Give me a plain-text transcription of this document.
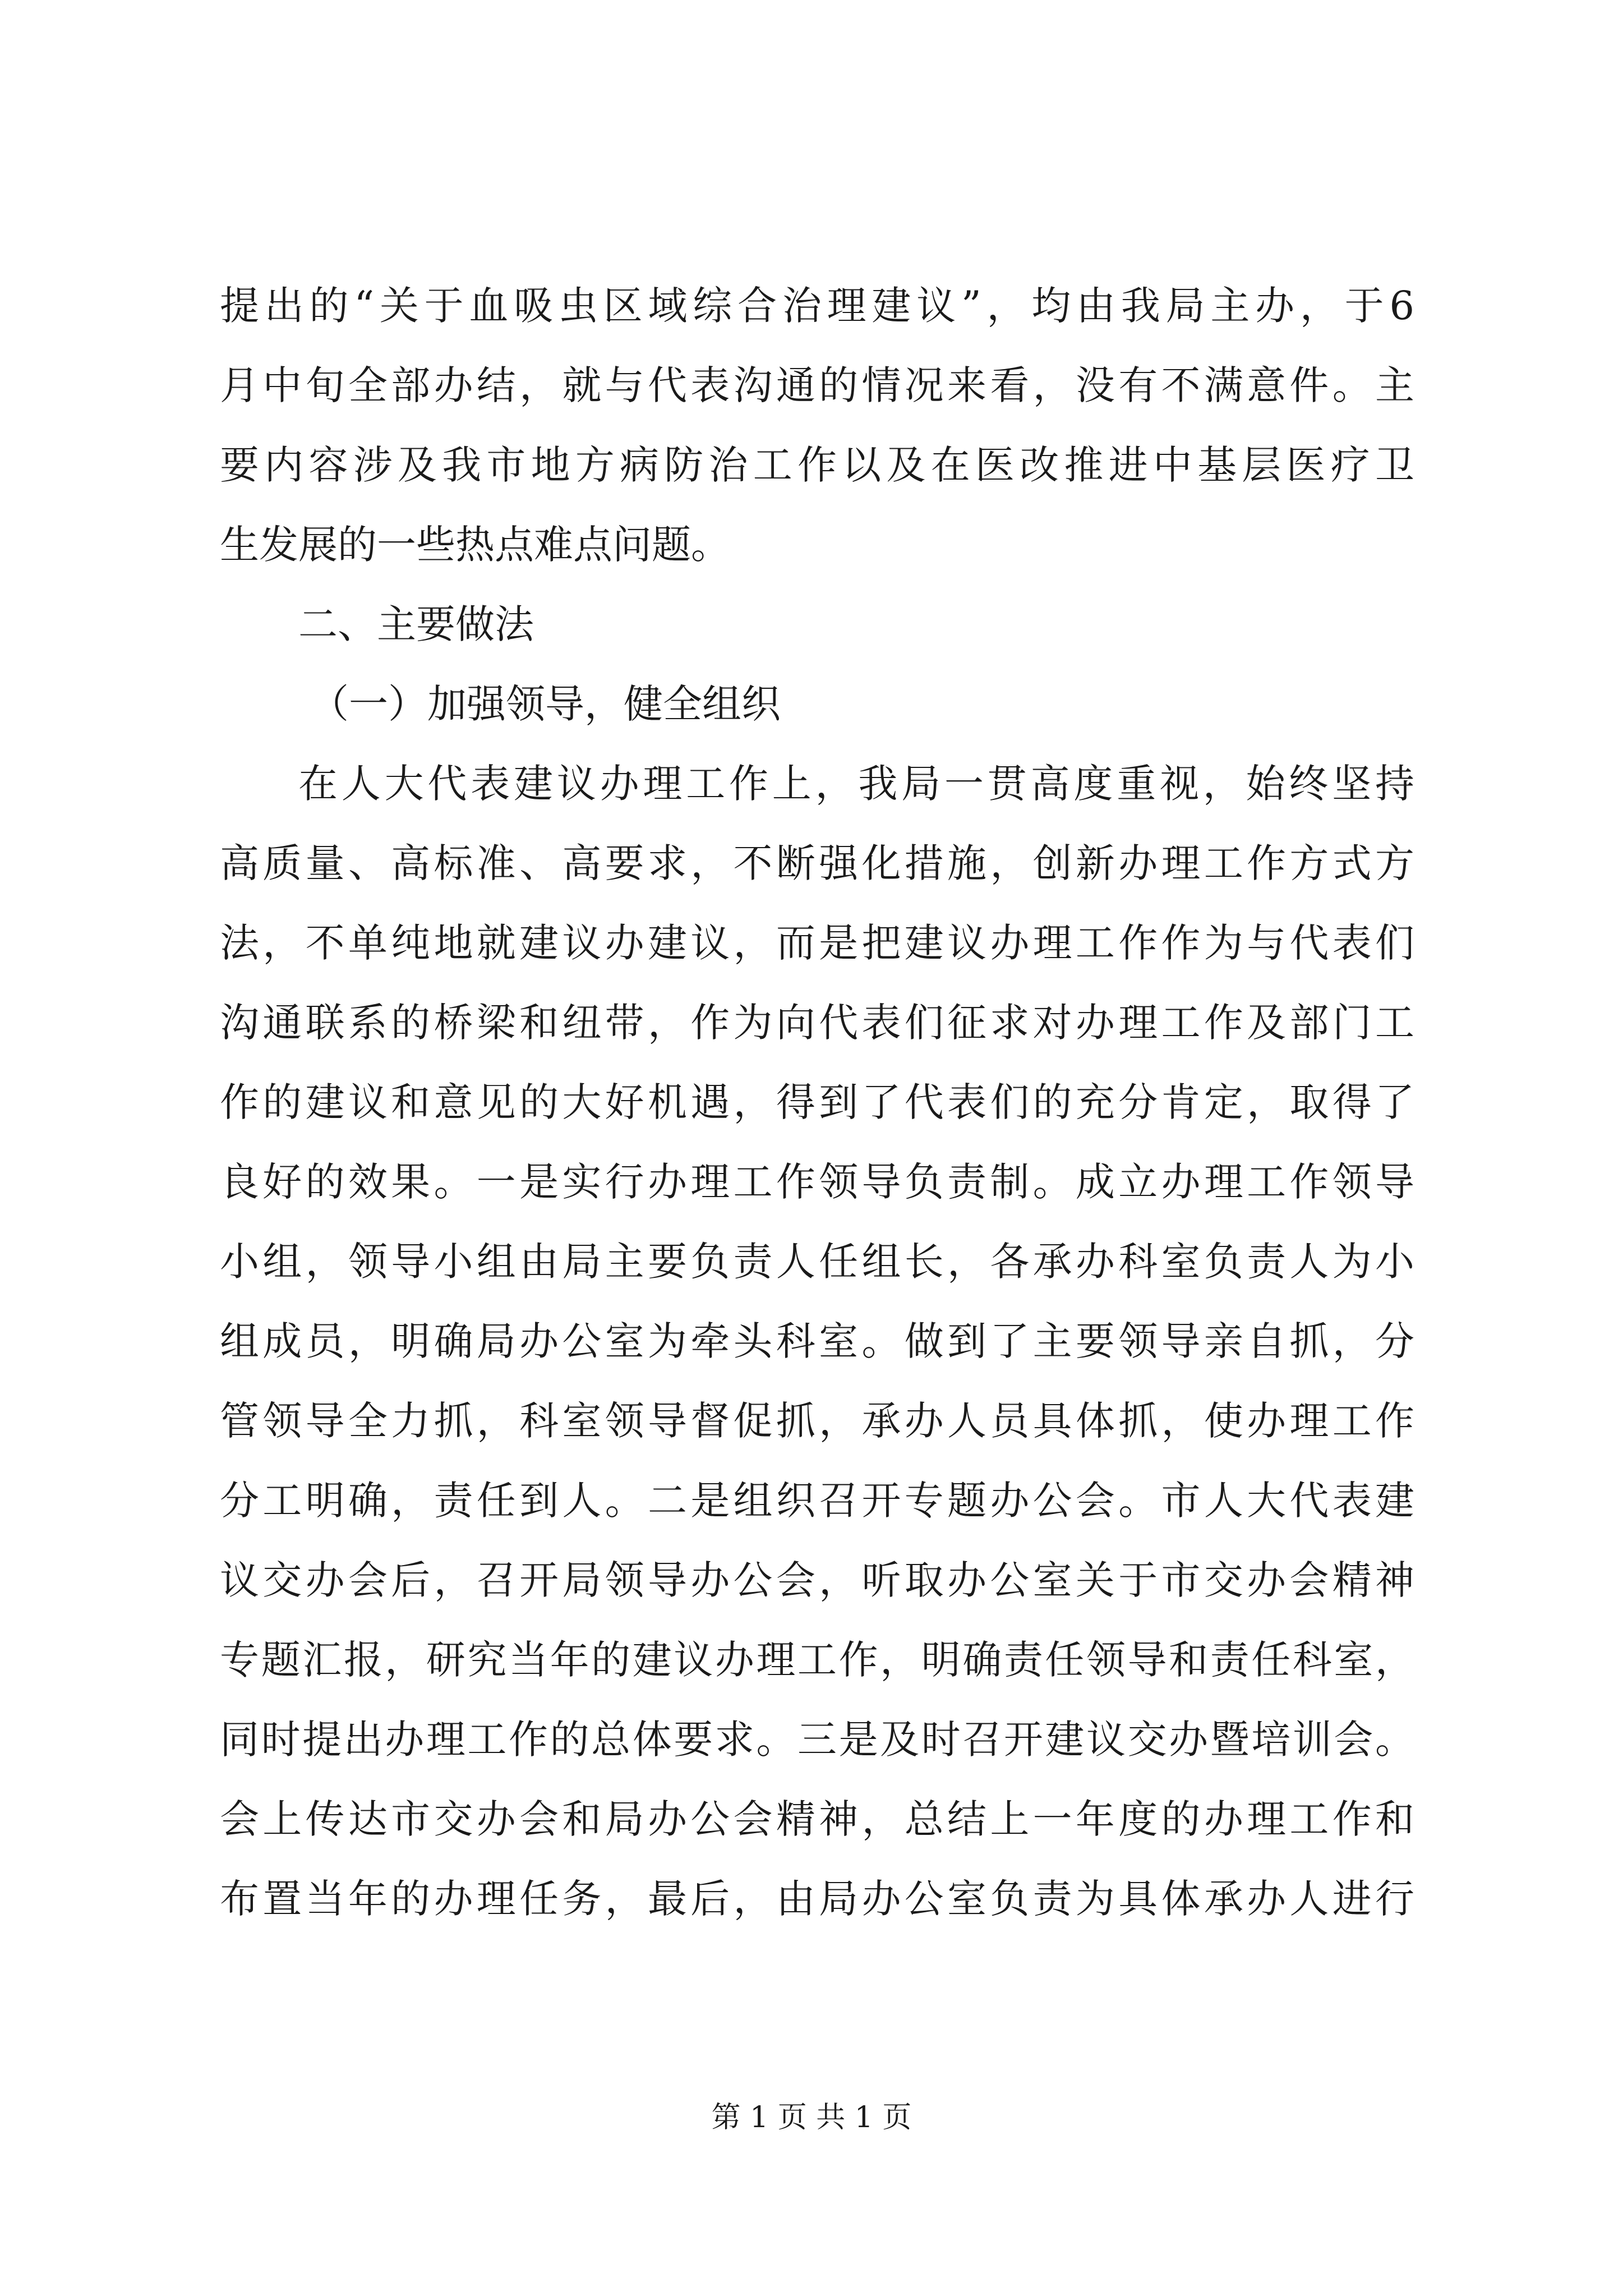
提出的“关于血吸虫区域综合治理建议”，均由我局主办，于6
月中旬全部办结，就与代表沟通的情况来看，没有不满意件。主
要内容涉及我市地方病防治工作以及在医改推进中基层医疗卫
生发展的一些热点难点问题。
二、主要做法
（一）加强领导，健全组织
在人大代表建议办理工作上，我局一贯高度重视，始终坚持
高质量、高标准、高要求，不断强化措施，创新办理工作方式方
法，不单纯地就建议办建议，而是把建议办理工作作为与代表们
沟通联系的桥梁和纽带，作为向代表们征求对办理工作及部门工
作的建议和意见的大好机遇，得到了代表们的充分肯定，取得了
良好的效果。一是实行办理工作领导负责制。成立办理工作领导
小组，领导小组由局主要负责人任组长，各承办科室负责人为小
组成员，明确局办公室为牵头科室。做到了主要领导亲自抓，分
管领导全力抓，科室领导督促抓，承办人员具体抓，使办理工作
分工明确，责任到人。二是组织召开专题办公会。市人大代表建
议交办会后，召开局领导办公会，听取办公室关于市交办会精神
专题汇报，研究当年的建议办理工作，明确责任领导和责任科室，
同时提出办理工作的总体要求。三是及时召开建议交办暨培训会。
会上传达市交办会和局办公会精神，总结上一年度的办理工作和
布置当年的办理任务，最后，由局办公室负责为具体承办人进行
第 1 页 共 1 页
